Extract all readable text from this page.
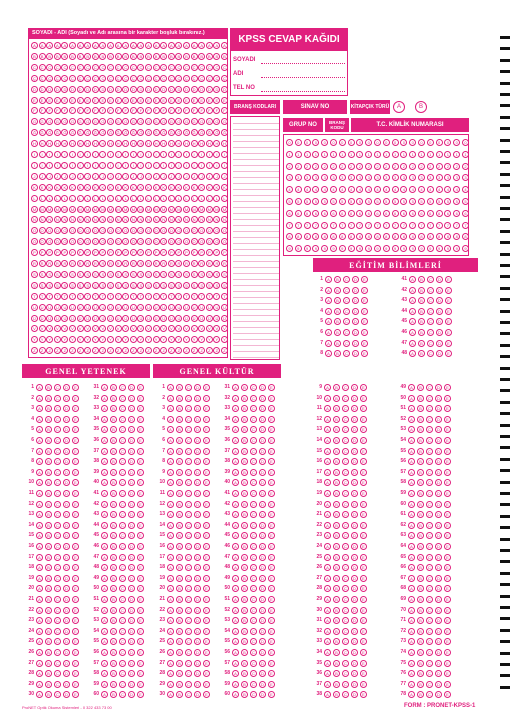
SOYADI - ADI (Soyadı ve Adı arasına bir karakter boşluk bırakınız.)
A	A	A	A	A	A	A	A	A	A	A	A	A	A	A	A	A	A	A	A	A	A	A	A	A	A
B	B	B	B	B	B	B	B	B	B	B	B	B	B	B	B	B	B	B	B	B	B	B	B	B	B
C	C	C	C	C	C	C	C	C	C	C	C	C	C	C	C	C	C	C	C	C	C	C	C	C	C
Ç	Ç	Ç	Ç	Ç	Ç	Ç	Ç	Ç	Ç	Ç	Ç	Ç	Ç	Ç	Ç	Ç	Ç	Ç	Ç	Ç	Ç	Ç	Ç	Ç	Ç
D	D	D	D	D	D	D	D	D	D	D	D	D	D	D	D	D	D	D	D	D	D	D	D	D	D
E	E	E	E	E	E	E	E	E	E	E	E	E	E	E	E	E	E	E	E	E	E	E	E	E	E
F	F	F	F	F	F	F	F	F	F	F	F	F	F	F	F	F	F	F	F	F	F	F	F	F	F
G	G	G	G	G	G	G	G	G	G	G	G	G	G	G	G	G	G	G	G	G	G	G	G	G	G
Ğ	Ğ	Ğ	Ğ	Ğ	Ğ	Ğ	Ğ	Ğ	Ğ	Ğ	Ğ	Ğ	Ğ	Ğ	Ğ	Ğ	Ğ	Ğ	Ğ	Ğ	Ğ	Ğ	Ğ	Ğ	Ğ
H	H	H	H	H	H	H	H	H	H	H	H	H	H	H	H	H	H	H	H	H	H	H	H	H	H
I	I	I	I	I	I	I	I	I	I	I	I	I	I	I	I	I	I	I	I	I	I	I	I	I	I
İ	İ	İ	İ	İ	İ	İ	İ	İ	İ	İ	İ	İ	İ	İ	İ	İ	İ	İ	İ	İ	İ	İ	İ	İ	İ
J	J	J	J	J	J	J	J	J	J	J	J	J	J	J	J	J	J	J	J	J	J	J	J	J	J
K	K	K	K	K	K	K	K	K	K	K	K	K	K	K	K	K	K	K	K	K	K	K	K	K	K
L	L	L	L	L	L	L	L	L	L	L	L	L	L	L	L	L	L	L	L	L	L	L	L	L	L
M	M	M	M	M	M	M	M	M	M	M	M	M	M	M	M	M	M	M	M	M	M	M	M	M	M
N	N	N	N	N	N	N	N	N	N	N	N	N	N	N	N	N	N	N	N	N	N	N	N	N	N
O	O	O	O	O	O	O	O	O	O	O	O	O	O	O	O	O	O	O	O	O	O	O	O	O	O
Ö	Ö	Ö	Ö	Ö	Ö	Ö	Ö	Ö	Ö	Ö	Ö	Ö	Ö	Ö	Ö	Ö	Ö	Ö	Ö	Ö	Ö	Ö	Ö	Ö	Ö
P	P	P	P	P	P	P	P	P	P	P	P	P	P	P	P	P	P	P	P	P	P	P	P	P	P
R	R	R	R	R	R	R	R	R	R	R	R	R	R	R	R	R	R	R	R	R	R	R	R	R	R
S	S	S	S	S	S	S	S	S	S	S	S	S	S	S	S	S	S	S	S	S	S	S	S	S	S
Ş	Ş	Ş	Ş	Ş	Ş	Ş	Ş	Ş	Ş	Ş	Ş	Ş	Ş	Ş	Ş	Ş	Ş	Ş	Ş	Ş	Ş	Ş	Ş	Ş	Ş
T	T	T	T	T	T	T	T	T	T	T	T	T	T	T	T	T	T	T	T	T	T	T	T	T	T
U	U	U	U	U	U	U	U	U	U	U	U	U	U	U	U	U	U	U	U	U	U	U	U	U	U
Ü	Ü	Ü	Ü	Ü	Ü	Ü	Ü	Ü	Ü	Ü	Ü	Ü	Ü	Ü	Ü	Ü	Ü	Ü	Ü	Ü	Ü	Ü	Ü	Ü	Ü
V	V	V	V	V	V	V	V	V	V	V	V	V	V	V	V	V	V	V	V	V	V	V	V	V	V
Y	Y	Y	Y	Y	Y	Y	Y	Y	Y	Y	Y	Y	Y	Y	Y	Y	Y	Y	Y	Y	Y	Y	Y	Y	Y
Z	Z	Z	Z	Z	Z	Z	Z	Z	Z	Z	Z	Z	Z	Z	Z	Z	Z	Z	Z	Z	Z	Z	Z	Z	Z
KPSS CEVAP KAĞIDI
SOYADI
ADI
TEL NO
BRANŞ KODLARI	SINAV NO	KİTAPÇIK TÜRÜ	A	B
GRUP NO	BRANŞ KODU	T.C. KİMLİK NUMARASI
0	0	0	0	0	0	0	0	0	0	0	0	0	0	0	0	0	0	0	0	0
1	1	1	1	1	1	1	1	1	1	1	1	1	1	1	1	1	1	1	1	1
2	2	2	2	2	2	2	2	2	2	2	2	2	2	2	2	2	2	2	2	2
3	3	3	3	3	3	3	3	3	3	3	3	3	3	3	3	3	3	3	3	3
4	4	4	4	4	4	4	4	4	4	4	4	4	4	4	4	4	4	4	4	4
5	5	5	5	5	5	5	5	5	5	5	5	5	5	5	5	5	5	5	5	5
6	6	6	6	6	6	6	6	6	6	6	6	6	6	6	6	6	6	6	6	6
7	7	7	7	7	7	7	7	7	7	7	7	7	7	7	7	7	7	7	7	7
8	8	8	8	8	8	8	8	8	8	8	8	8	8	8	8	8	8	8	8	8
9	9	9	9	9	9	9	9	9	9	9	9	9	9	9	9	9	9	9	9	9
EĞİTİM BİLİMLERİ
GENEL YETENEK	GENEL KÜLTÜR
1	A	B	C	D	E
2	A	B	C	D	E
3	A	B	C	D	E
4	A	B	C	D	E
5	A	B	C	D	E
6	A	B	C	D	E
7	A	B	C	D	E
8	A	B	C	D	E
9	A	B	C	D	E
10	A	B	C	D	E
11	A	B	C	D	E
12	A	B	C	D	E
13	A	B	C	D	E
14	A	B	C	D	E
15	A	B	C	D	E
16	A	B	C	D	E
17	A	B	C	D	E
18	A	B	C	D	E
19	A	B	C	D	E
20	A	B	C	D	E
21	A	B	C	D	E
22	A	B	C	D	E
23	A	B	C	D	E
24	A	B	C	D	E
25	A	B	C	D	E
26	A	B	C	D	E
27	A	B	C	D	E
28	A	B	C	D	E
29	A	B	C	D	E
30	A	B	C	D	E
31	A	B	C	D	E
32	A	B	C	D	E
33	A	B	C	D	E
34	A	B	C	D	E
35	A	B	C	D	E
36	A	B	C	D	E
37	A	B	C	D	E
38	A	B	C	D	E
39	A	B	C	D	E
40	A	B	C	D	E
41	A	B	C	D	E
42	A	B	C	D	E
43	A	B	C	D	E
44	A	B	C	D	E
45	A	B	C	D	E
46	A	B	C	D	E
47	A	B	C	D	E
48	A	B	C	D	E
49	A	B	C	D	E
50	A	B	C	D	E
51	A	B	C	D	E
52	A	B	C	D	E
53	A	B	C	D	E
54	A	B	C	D	E
55	A	B	C	D	E
56	A	B	C	D	E
57	A	B	C	D	E
58	A	B	C	D	E
59	A	B	C	D	E
60	A	B	C	D	E
1	A	B	C	D	E
2	A	B	C	D	E
3	A	B	C	D	E
4	A	B	C	D	E
5	A	B	C	D	E
6	A	B	C	D	E
7	A	B	C	D	E
8	A	B	C	D	E
9	A	B	C	D	E
10	A	B	C	D	E
11	A	B	C	D	E
12	A	B	C	D	E
13	A	B	C	D	E
14	A	B	C	D	E
15	A	B	C	D	E
16	A	B	C	D	E
17	A	B	C	D	E
18	A	B	C	D	E
19	A	B	C	D	E
20	A	B	C	D	E
21	A	B	C	D	E
22	A	B	C	D	E
23	A	B	C	D	E
24	A	B	C	D	E
25	A	B	C	D	E
26	A	B	C	D	E
27	A	B	C	D	E
28	A	B	C	D	E
29	A	B	C	D	E
30	A	B	C	D	E
31	A	B	C	D	E
32	A	B	C	D	E
33	A	B	C	D	E
34	A	B	C	D	E
35	A	B	C	D	E
36	A	B	C	D	E
37	A	B	C	D	E
38	A	B	C	D	E
39	A	B	C	D	E
40	A	B	C	D	E
41	A	B	C	D	E
42	A	B	C	D	E
43	A	B	C	D	E
44	A	B	C	D	E
45	A	B	C	D	E
46	A	B	C	D	E
47	A	B	C	D	E
48	A	B	C	D	E
49	A	B	C	D	E
50	A	B	C	D	E
51	A	B	C	D	E
52	A	B	C	D	E
53	A	B	C	D	E
54	A	B	C	D	E
55	A	B	C	D	E
56	A	B	C	D	E
57	A	B	C	D	E
58	A	B	C	D	E
59	A	B	C	D	E
60	A	B	C	D	E
9	A	B	C	D	E
10	A	B	C	D	E
11	A	B	C	D	E
12	A	B	C	D	E
13	A	B	C	D	E
14	A	B	C	D	E
15	A	B	C	D	E
16	A	B	C	D	E
17	A	B	C	D	E
18	A	B	C	D	E
19	A	B	C	D	E
20	A	B	C	D	E
21	A	B	C	D	E
22	A	B	C	D	E
23	A	B	C	D	E
24	A	B	C	D	E
25	A	B	C	D	E
26	A	B	C	D	E
27	A	B	C	D	E
28	A	B	C	D	E
29	A	B	C	D	E
30	A	B	C	D	E
31	A	B	C	D	E
32	A	B	C	D	E
33	A	B	C	D	E
34	A	B	C	D	E
35	A	B	C	D	E
36	A	B	C	D	E
37	A	B	C	D	E
38	A	B	C	D	E
49	A	B	C	D	E
50	A	B	C	D	E
51	A	B	C	D	E
52	A	B	C	D	E
53	A	B	C	D	E
54	A	B	C	D	E
55	A	B	C	D	E
56	A	B	C	D	E
57	A	B	C	D	E
58	A	B	C	D	E
59	A	B	C	D	E
60	A	B	C	D	E
61	A	B	C	D	E
62	A	B	C	D	E
63	A	B	C	D	E
64	A	B	C	D	E
65	A	B	C	D	E
66	A	B	C	D	E
67	A	B	C	D	E
68	A	B	C	D	E
69	A	B	C	D	E
70	A	B	C	D	E
71	A	B	C	D	E
72	A	B	C	D	E
73	A	B	C	D	E
74	A	B	C	D	E
75	A	B	C	D	E
76	A	B	C	D	E
77	A	B	C	D	E
78	A	B	C	D	E
1	A	B	C	D	E
2	A	B	C	D	E
3	A	B	C	D	E
4	A	B	C	D	E
5	A	B	C	D	E
6	A	B	C	D	E
7	A	B	C	D	E
8	A	B	C	D	E
41	A	B	C	D	E
42	A	B	C	D	E
43	A	B	C	D	E
44	A	B	C	D	E
45	A	B	C	D	E
46	A	B	C	D	E
47	A	B	C	D	E
48	A	B	C	D	E
ProNET Optik Okuma Sistemleri - 0 322 433 73 00	FORM : PRONET-KPSS-1
